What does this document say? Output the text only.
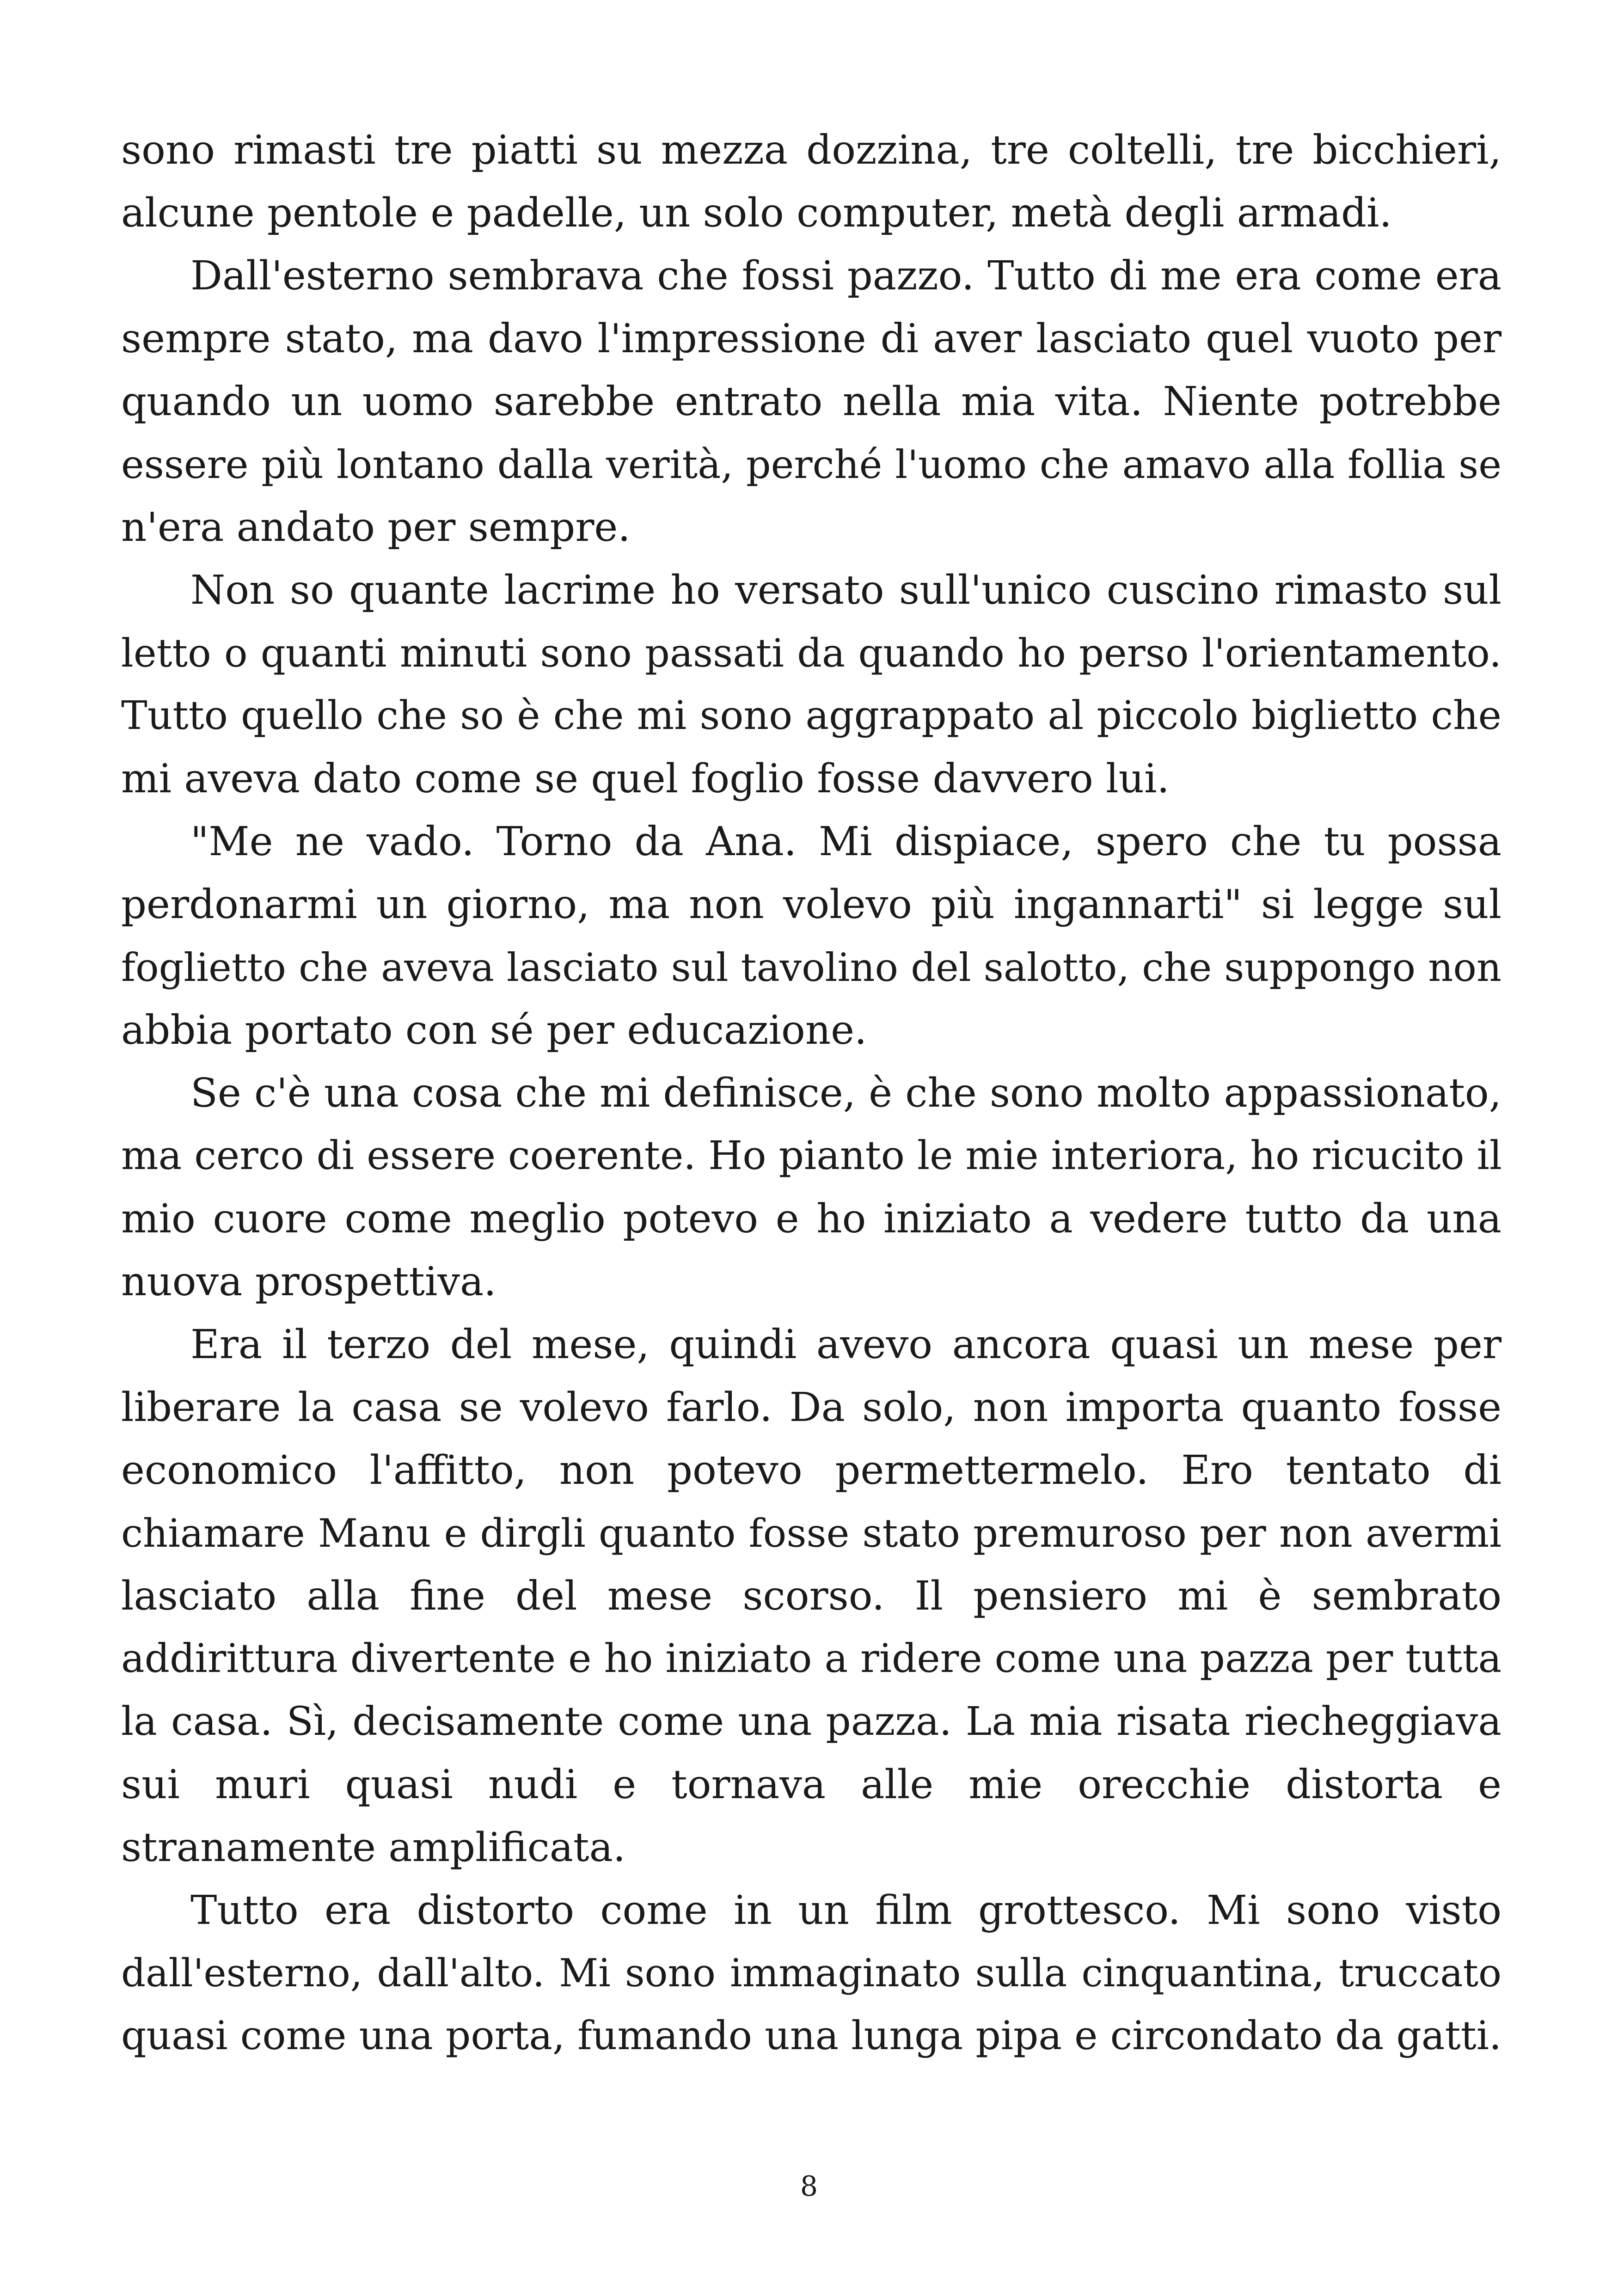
sono rimasti tre piatti su mezza dozzina, tre coltelli, tre bicchieri,
alcune pentole e padelle, un solo computer, metà degli armadi.
Dall'esterno sembrava che fossi pazzo. Tutto di me era come era
sempre stato, ma davo l'impressione di aver lasciato quel vuoto per
quando un uomo sarebbe entrato nella mia vita. Niente potrebbe
essere più lontano dalla verità, perché l'uomo che amavo alla follia se
n'era andato per sempre.
Non so quante lacrime ho versato sull'unico cuscino rimasto sul
letto o quanti minuti sono passati da quando ho perso l'orientamento.
Tutto quello che so è che mi sono aggrappato al piccolo biglietto che
mi aveva dato come se quel foglio fosse davvero lui.
"Me ne vado. Torno da Ana. Mi dispiace, spero che tu possa
perdonarmi un giorno, ma non volevo più ingannarti" si legge sul
foglietto che aveva lasciato sul tavolino del salotto, che suppongo non
abbia portato con sé per educazione.
Se c'è una cosa che mi definisce, è che sono molto appassionato,
ma cerco di essere coerente. Ho pianto le mie interiora, ho ricucito il
mio cuore come meglio potevo e ho iniziato a vedere tutto da una
nuova prospettiva.
Era il terzo del mese, quindi avevo ancora quasi un mese per
liberare la casa se volevo farlo. Da solo, non importa quanto fosse
economico l'affitto, non potevo permettermelo. Ero tentato di
chiamare Manu e dirgli quanto fosse stato premuroso per non avermi
lasciato alla fine del mese scorso. Il pensiero mi è sembrato
addirittura divertente e ho iniziato a ridere come una pazza per tutta
la casa. Sì, decisamente come una pazza. La mia risata riecheggiava
sui muri quasi nudi e tornava alle mie orecchie distorta e
stranamente amplificata.
Tutto era distorto come in un film grottesco. Mi sono visto
dall'esterno, dall'alto. Mi sono immaginato sulla cinquantina, truccato
quasi come una porta, fumando una lunga pipa e circondato da gatti.
8
